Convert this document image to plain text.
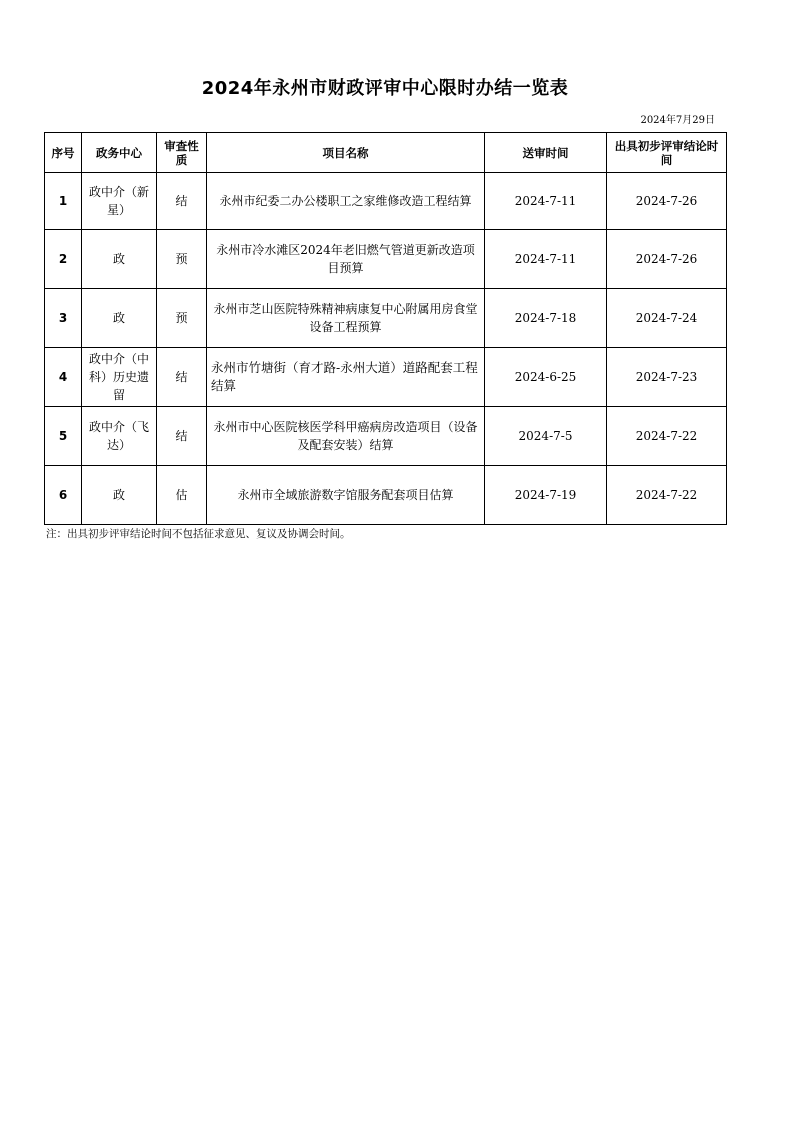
2024年永州市财政评审中心限时办结一览表
2024年7月29日
序号	政务中心	审查性质	项目名称	送审时间	出具初步评审结论时间
1	政中介（新星）	结	永州市纪委二办公楼职工之家维修改造工程结算	2024-7-11	2024-7-26
2	政	预	永州市冷水滩区2024年老旧燃气管道更新改造项目预算	2024-7-11	2024-7-26
3	政	预	永州市芝山医院特殊精神病康复中心附属用房食堂设备工程预算	2024-7-18	2024-7-24
4	政中介（中科）历史遗留	结	永州市竹塘街（育才路-永州大道）道路配套工程结算	2024-6-25	2024-7-23
5	政中介（飞达）	结	永州市中心医院核医学科甲癌病房改造项目（设备及配套安装）结算	2024-7-5	2024-7-22
6	政	估	永州市全域旅游数字馆服务配套项目估算	2024-7-19	2024-7-22
注：出具初步评审结论时间不包括征求意见、复议及协调会时间。
